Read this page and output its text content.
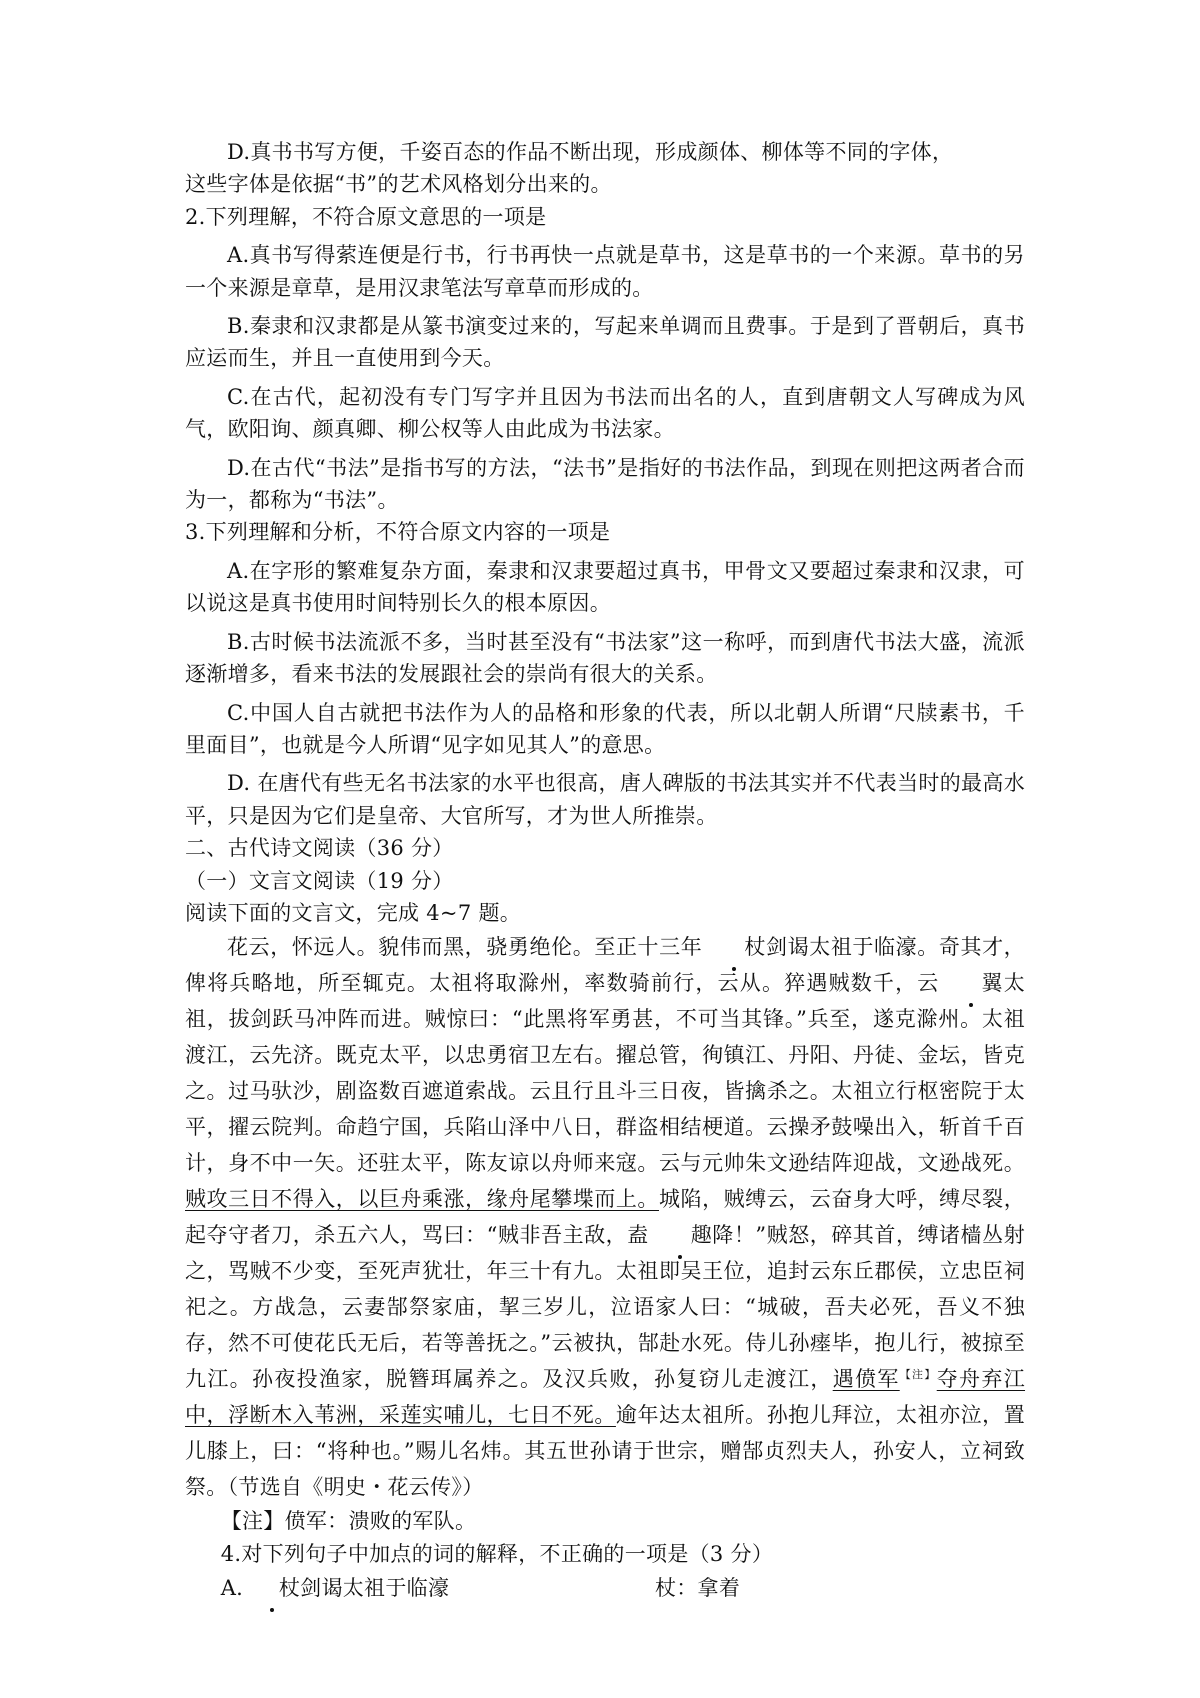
D.真书书写方便，千姿百态的作品不断出现，形成颜体、柳体等不同的字体，

这些字体是依据“书”的艺术风格划分出来的。

2.下列理解，不符合原文意思的一项是

A.真书写得萦连便是行书，行书再快一点就是草书，这是草书的一个来源。草书的另一个来源是章草，是用汉隶笔法写章草而形成的。

B.秦隶和汉隶都是从篆书演变过来的，写起来单调而且费事。于是到了晋朝后，真书应运而生，并且一直使用到今天。

C.在古代，起初没有专门写字并且因为书法而出名的人，直到唐朝文人写碑成为风气，欧阳询、颜真卿、柳公权等人由此成为书法家。

D.在古代“书法”是指书写的方法，“法书”是指好的书法作品，到现在则把这两者合而为一，都称为“书法”。

3.下列理解和分析，不符合原文内容的一项是

A.在字形的繁难复杂方面，秦隶和汉隶要超过真书，甲骨文又要超过秦隶和汉隶，可以说这是真书使用时间特别长久的根本原因。

B.古时候书法流派不多，当时甚至没有“书法家”这一称呼，而到唐代书法大盛，流派逐渐增多，看来书法的发展跟社会的崇尚有很大的关系。

C.中国人自古就把书法作为人的品格和形象的代表，所以北朝人所谓“尺牍素书，千里面目”，也就是今人所谓“见字如见其人”的意思。

D. 在唐代有些无名书法家的水平也很高，唐人碑版的书法其实并不代表当时的最高水平，只是因为它们是皇帝、大官所写，才为世人所推崇。

二、古代诗文阅读（36 分）

（一）文言文阅读（19 分）

阅读下面的文言文，完成 4~7 题。

花云，怀远人。貌伟而黑，骁勇绝伦。至正十三年 杖剑谒太祖于临濠。奇其才，俾将兵略地，所至辄克。太祖将取滁州，率数骑前行，云从。猝遇贼数千，云 翼太祖，拔剑跃马冲阵而进。贼惊曰：“此黑将军勇甚，不可当其锋。”兵至，遂克滁州。太祖渡江，云先济。既克太平，以忠勇宿卫左右。擢总管，徇镇江、丹阳、丹徒、金坛，皆克之。过马驮沙，剧盗数百遮道索战。云且行且斗三日夜，皆擒杀之。太祖立行枢密院于太平，擢云院判。命趋宁国，兵陷山泽中八日，群盗相结梗道。云操矛鼓噪出入，斩首千百计，身不中一矢。还驻太平，陈友谅以舟师来寇。云与元帅朱文逊结阵迎战，文逊战死。贼攻三日不得入，以巨舟乘涨，缘舟尾攀堞而上。城陷，贼缚云，云奋身大呼，缚尽裂，起夺守者刀，杀五六人，骂曰：“贼非吾主敌，盍 趣降！”贼怒，碎其首，缚诸樯丛射之，骂贼不少变，至死声犹壮，年三十有九。太祖即吴王位，追封云东丘郡侯，立忠臣祠祀之。方战急，云妻郜祭家庙，挈三岁儿，泣语家人曰：“城破，吾夫必死，吾义不独存，然不可使花氏无后，若等善抚之。”云被执，郜赴水死。侍儿孙瘗毕，抱儿行，被掠至九江。孙夜投渔家，脱簪珥属养之。及汉兵败，孙复窃儿走渡江，遇偾军$^{【注】}$夺舟弃江中，浮断木入苇洲，采莲实哺儿，七日不死。逾年达太祖所。孙抱儿拜泣，太祖亦泣，置儿膝上，曰：“将种也。”赐儿名炜。其五世孙请于世宗，赠郜贞烈夫人，孙安人，立祠致祭。（节选自《明史・花云传》）

【注】偾军：溃败的军队。

4.对下列句子中加点的词的解释，不正确的一项是（3 分）

A. 杖剑谒太祖于临濠	杖：拿着
